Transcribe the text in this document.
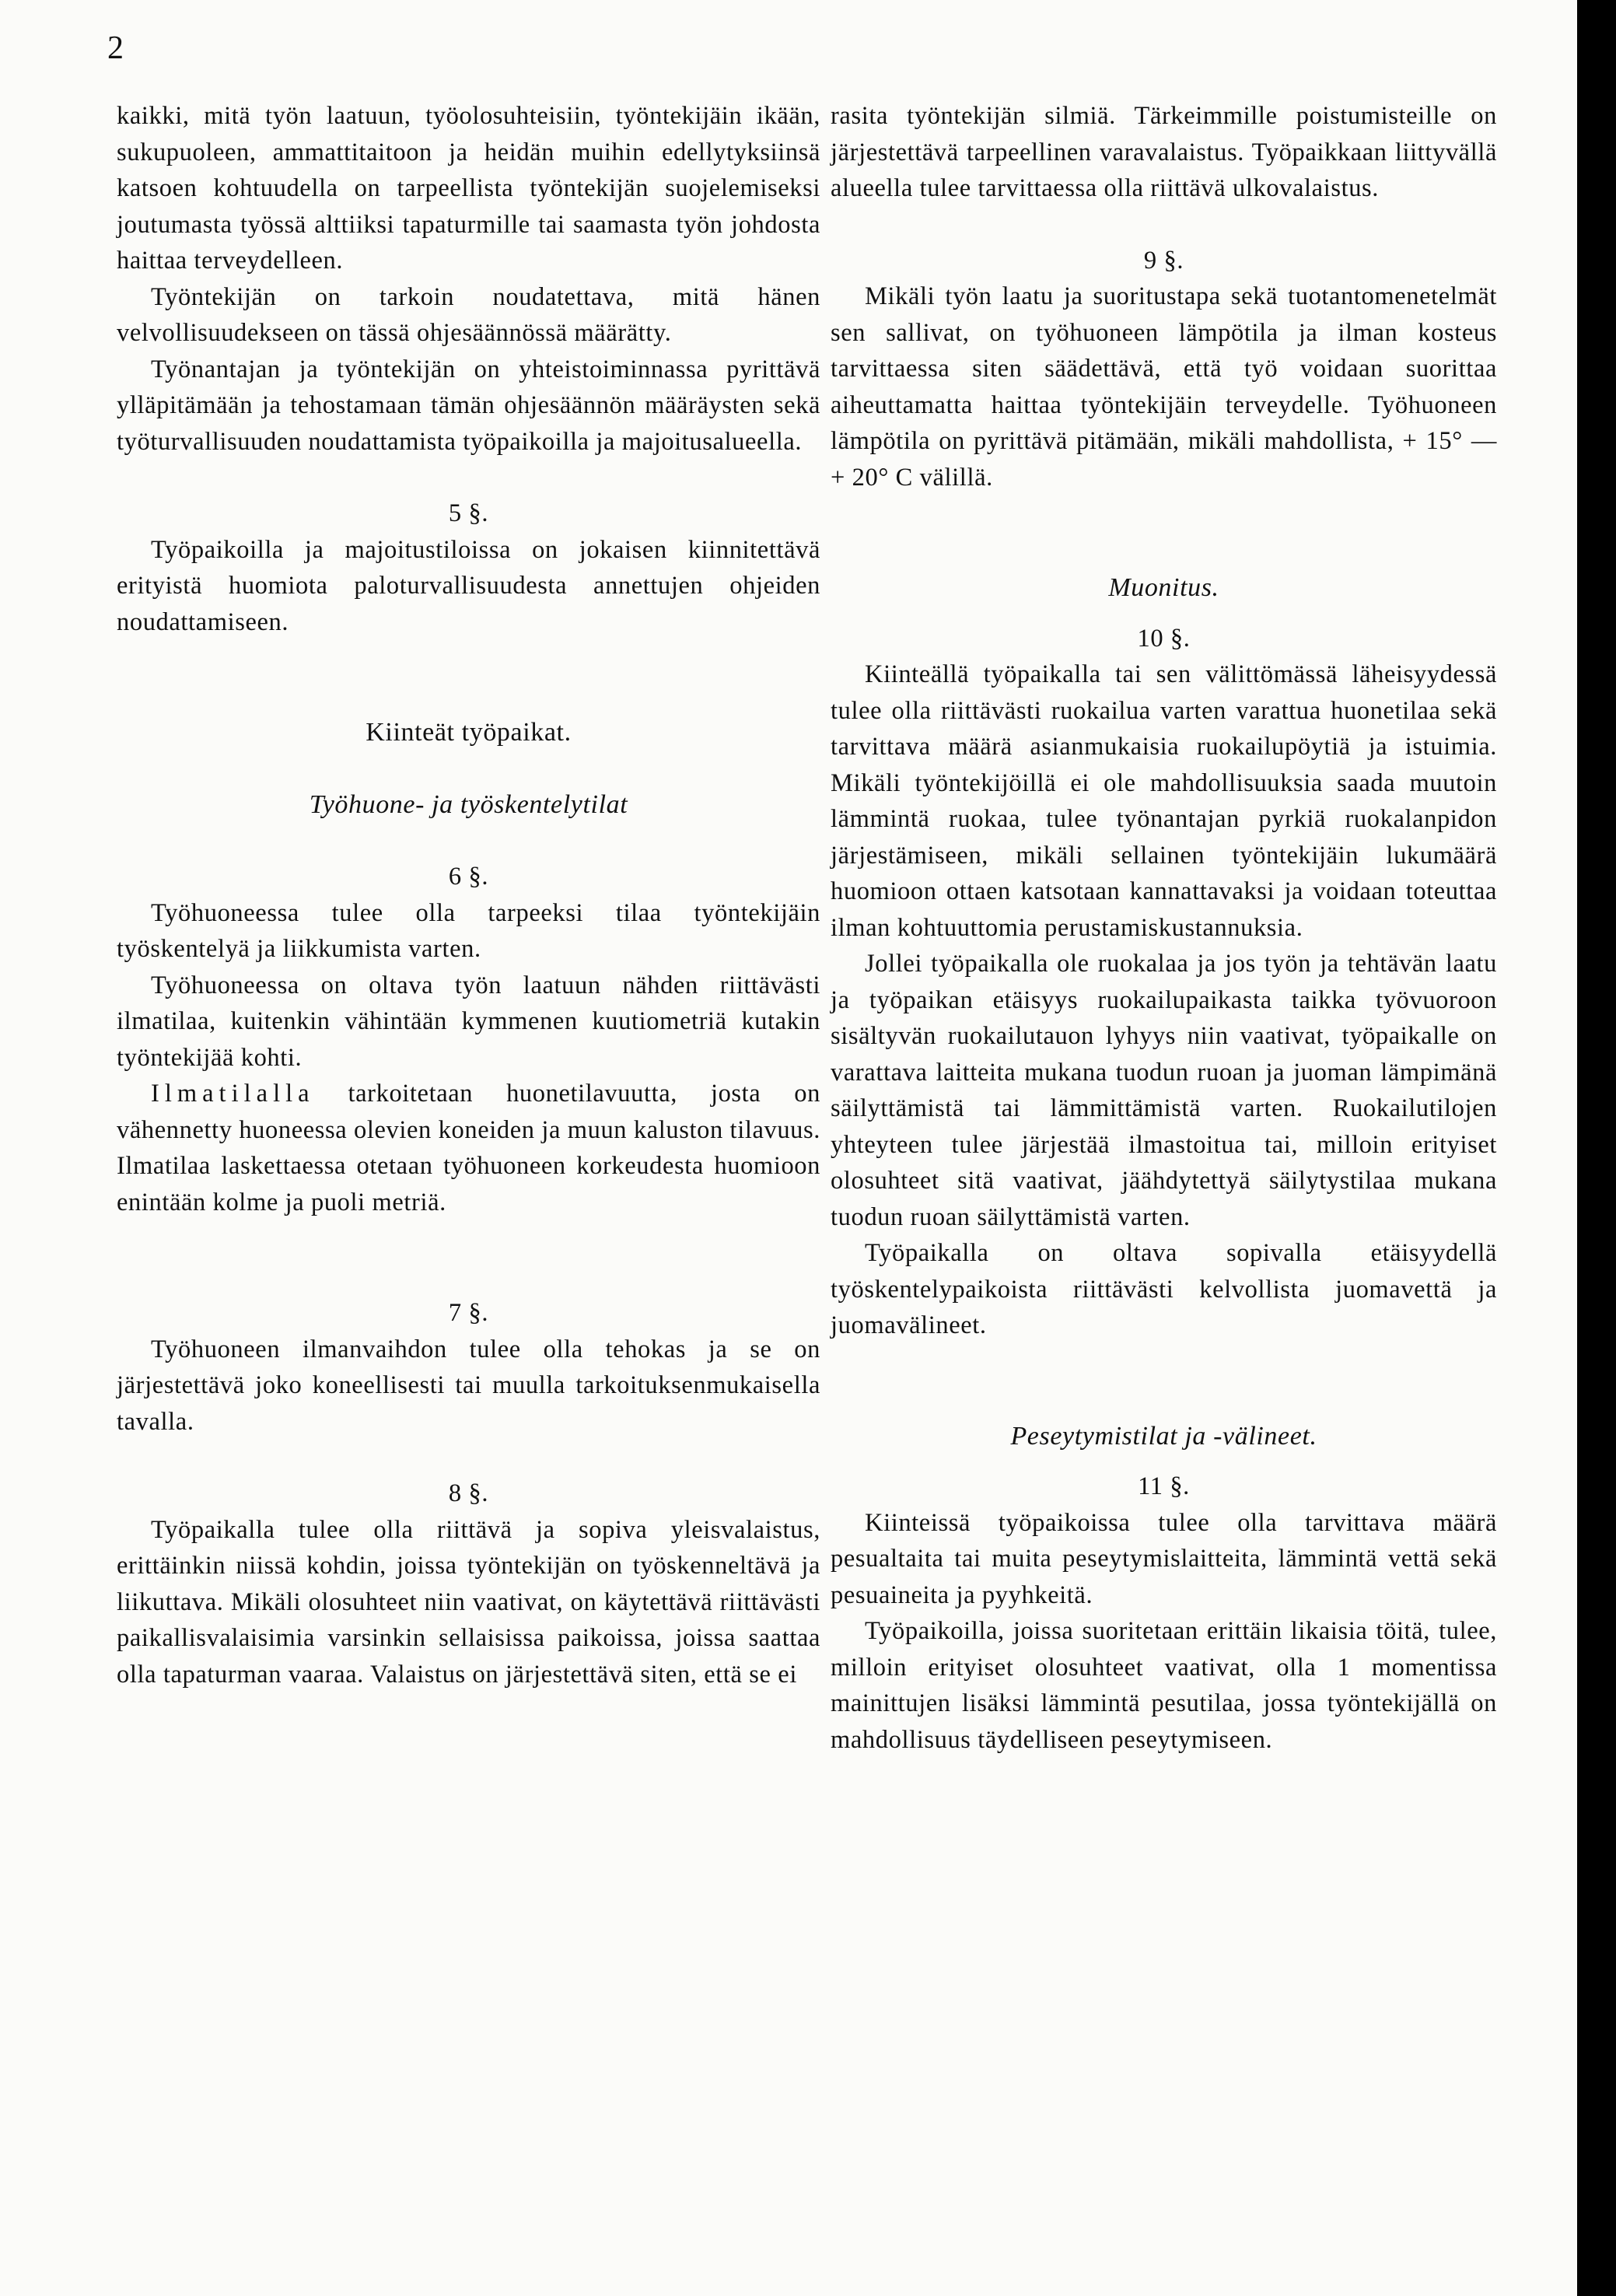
2

kaikki, mitä työn laatuun, työolosuhteisiin, työntekijäin ikään, sukupuoleen, ammattitaitoon ja heidän muihin edellytyksiinsä katsoen kohtuudella on tarpeellista työntekijän suojelemiseksi joutumasta työssä alttiiksi tapaturmille tai saamasta työn johdosta haittaa terveydelleen.

Työntekijän on tarkoin noudatettava, mitä hänen velvollisuudekseen on tässä ohjesäännössä määrätty.

Työnantajan ja työntekijän on yhteistoiminnassa pyrittävä ylläpitämään ja tehostamaan tämän ohjesäännön määräysten sekä työturvallisuuden noudattamista työpaikoilla ja majoitusalueella.

5 §.

Työpaikoilla ja majoitustiloissa on jokaisen kiinnitettävä erityistä huomiota paloturvallisuudesta annettujen ohjeiden noudattamiseen.

Kiinteät työpaikat.
Työhuone- ja työskentelytilat
6 §.

Työhuoneessa tulee olla tarpeeksi tilaa työntekijäin työskentelyä ja liikkumista varten.

Työhuoneessa on oltava työn laatuun nähden riittävästi ilmatilaa, kuitenkin vähintään kymmenen kuutiometriä kutakin työntekijää kohti.

Ilmatilalla tarkoitetaan huonetilavuutta, josta on vähennetty huoneessa olevien koneiden ja muun kaluston tilavuus. Ilmatilaa laskettaessa otetaan työhuoneen korkeudesta huomioon enintään kolme ja puoli metriä.

7 §.

Työhuoneen ilmanvaihdon tulee olla tehokas ja se on järjestettävä joko koneellisesti tai muulla tarkoituksenmukaisella tavalla.

8 §.

Työpaikalla tulee olla riittävä ja sopiva yleisvalaistus, erittäinkin niissä kohdin, joissa työntekijän on työskenneltävä ja liikuttava. Mikäli olosuhteet niin vaativat, on käytettävä riittävästi paikallisvalaisimia varsinkin sellaisissa paikoissa, joissa saattaa olla tapaturman vaaraa. Valaistus on järjestettävä siten, että se ei

rasita työntekijän silmiä. Tärkeimmille poistumisteille on järjestettävä tarpeellinen varavalaistus. Työpaikkaan liittyvällä alueella tulee tarvittaessa olla riittävä ulkovalaistus.

9 §.

Mikäli työn laatu ja suoritustapa sekä tuotantomenetelmät sen sallivat, on työhuoneen lämpötila ja ilman kosteus tarvittaessa siten säädettävä, että työ voidaan suorittaa aiheuttamatta haittaa työntekijäin terveydelle. Työhuoneen lämpötila on pyrittävä pitämään, mikäli mahdollista, + 15° — + 20° C välillä.

Muonitus.
10 §.

Kiinteällä työpaikalla tai sen välittömässä läheisyydessä tulee olla riittävästi ruokailua varten varattua huonetilaa sekä tarvittava määrä asianmukaisia ruokailupöytiä ja istuimia. Mikäli työntekijöillä ei ole mahdollisuuksia saada muutoin lämmintä ruokaa, tulee työnantajan pyrkiä ruokalanpidon järjestämiseen, mikäli sellainen työntekijäin lukumäärä huomioon ottaen katsotaan kannattavaksi ja voidaan toteuttaa ilman kohtuuttomia perustamiskustannuksia.

Jollei työpaikalla ole ruokalaa ja jos työn ja tehtävän laatu ja työpaikan etäisyys ruokailupaikasta taikka työvuoroon sisältyvän ruokailutauon lyhyys niin vaativat, työpaikalle on varattava laitteita mukana tuodun ruoan ja juoman lämpimänä säilyttämistä tai lämmittämistä varten. Ruokailutilojen yhteyteen tulee järjestää ilmastoitua tai, milloin erityiset olosuhteet sitä vaativat, jäähdytettyä säilytystilaa mukana tuodun ruoan säilyttämistä varten.

Työpaikalla on oltava sopivalla etäisyydellä työskentelypaikoista riittävästi kelvollista juomavettä ja juomavälineet.

Peseytymistilat ja -välineet.
11 §.

Kiinteissä työpaikoissa tulee olla tarvittava määrä pesualtaita tai muita peseytymislaitteita, lämmintä vettä sekä pesuaineita ja pyyhkeitä.

Työpaikoilla, joissa suoritetaan erittäin likaisia töitä, tulee, milloin erityiset olosuhteet vaativat, olla 1 momentissa mainittujen lisäksi lämmintä pesutilaa, jossa työntekijällä on mahdollisuus täydelliseen peseytymiseen.
